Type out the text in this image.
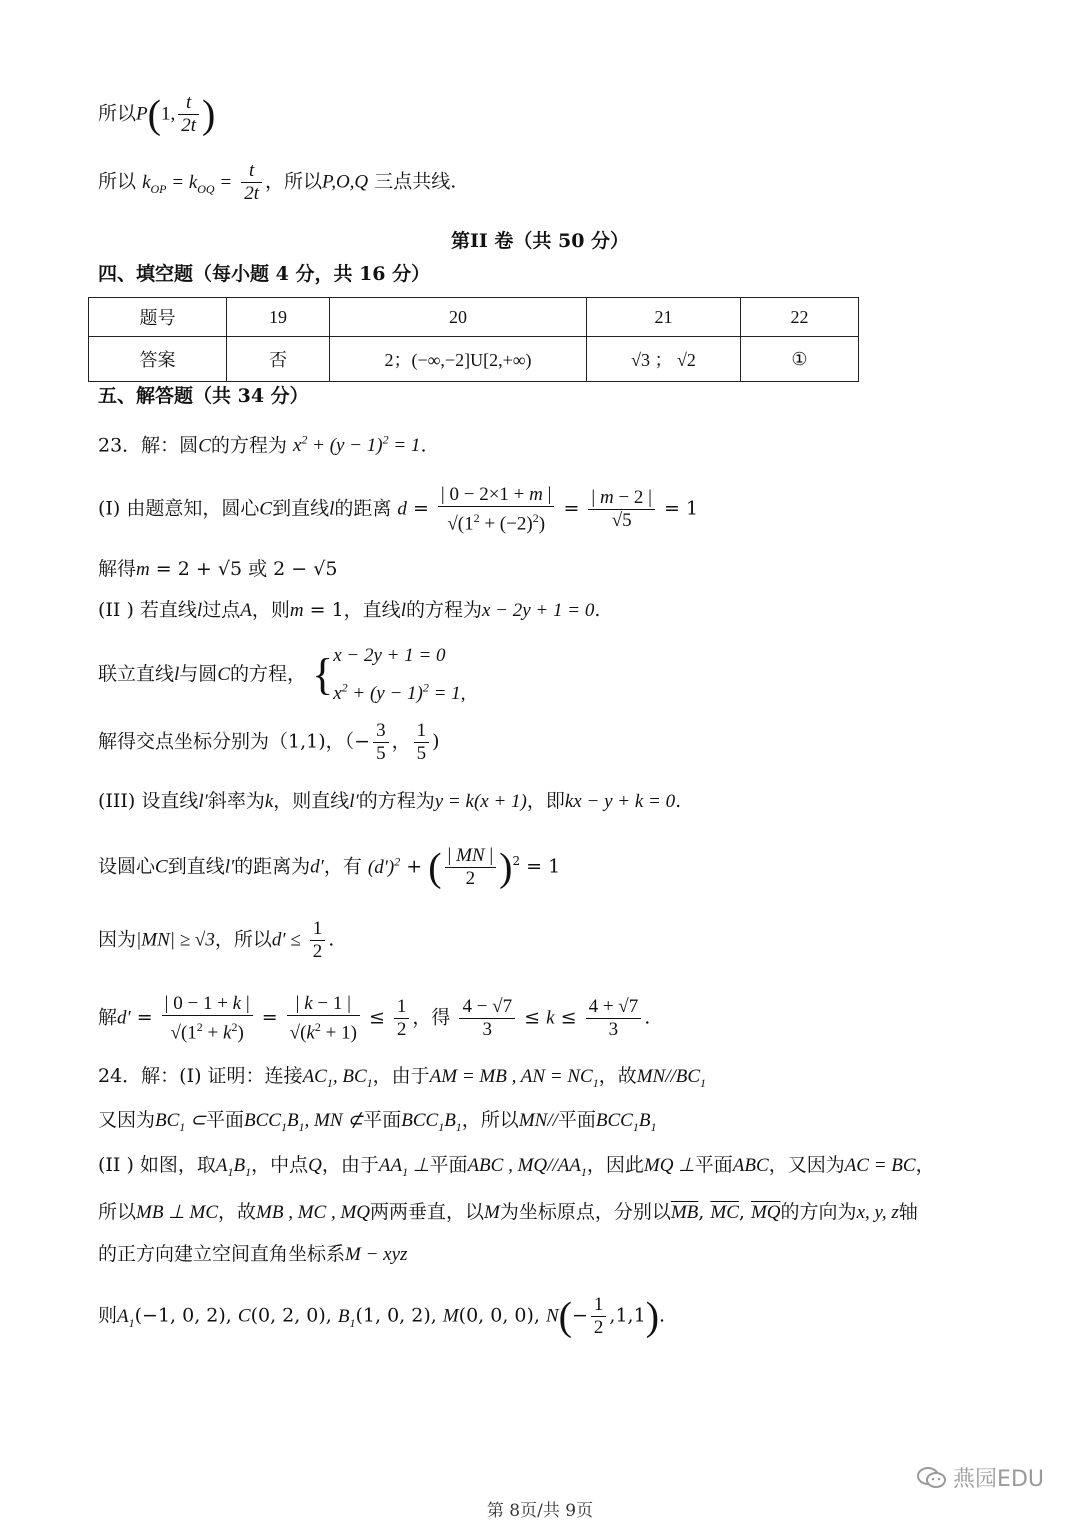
所以P(1, $\frac{t}{2t}$ )
所以 $k_{OP} = k_{OQ} = \frac{t}{2t}$ ，所以P,O,Q 三点共线.
第II 卷（共 50 分）
四、填空题（每小题 4 分，共 16 分）
题号	19	20	21	22
答案	否	2；(−∞,−2]U[2,+∞)	√3 ； √2	①
五、解答题（共 34 分）
23．解：圆C的方程为 $x^2 + (y - 1)^2 = 1$.
(I) 由题意知，圆心C到直线l的距离 $d = \frac{| 0 - 2\times 1 + m |}{√(1^2 + (-2)^2)} = \frac{| m - 2 |}{√5} = 1$
解得m = 2 + √5 或 2 − √5
(II ) 若直线l过点A，则m = 1，直线l的方程为x − 2y + 1 = 0.
联立直线l与圆C的方程， {x − 2y + 1 = 0
$x^2 + (y - 1)^2 = 1$,
解得交点坐标分别为（1,1)，（− $\frac{3}{5}$ ， $\frac{1}{5}$ )
(III) 设直线l′斜率为k，则直线l′的方程为y = k(x + 1)，即kx − y + k = 0.
设圆心C到直线l′的距离为d′，有 $(d')^2$ + ( $\frac{| MN |}{2} )^2 = 1$
因为|MN| ≥ √3，所以$d' \le \frac{1}{2}$ .
解$d' = \frac{| 0 - 1 + k |}{√(1^2 + k^2)} = \frac{| k - 1 |}{√(k^2 + 1)} \le \frac{1}{2}$ ，得 $\frac{4 - √7}{3} \le k \le \frac{4 + √7}{3}$ .
24．解：(I) 证明：连接$AC_1$, $BC_1$，由于AM = MB , AN = $NC_1$，故$MN//BC_1$
又因为$BC_1$ ⊂平面$BCC_1B_1$, MN ⊄平面$BCC_1B_1$，所以MN//平面$BCC_1B_1$
(II ) 如图，取$A_1B_1$，中点Q，由于$AA_1$ ⊥平面ABC , $MQ//AA_1$，因此MQ ⊥平面ABC，又因为AC = BC，
所以MB ⊥ MC，故MB , MC , MQ两两垂直，以M为坐标原点，分别以$\overline{MB}$, $\overline{MC}$, $\overline{MQ}$的方向为x, y, z轴
的正方向建立空间直角坐标系M − xyz
则$A_1(-1$, 0, 2), C(0, 2, 0), $B_1(1$, 0, 2), M(0, 0, 0), $N(- \frac{1}{2} ,1,1)$.
燕园EDU
第 8页/共 9页
